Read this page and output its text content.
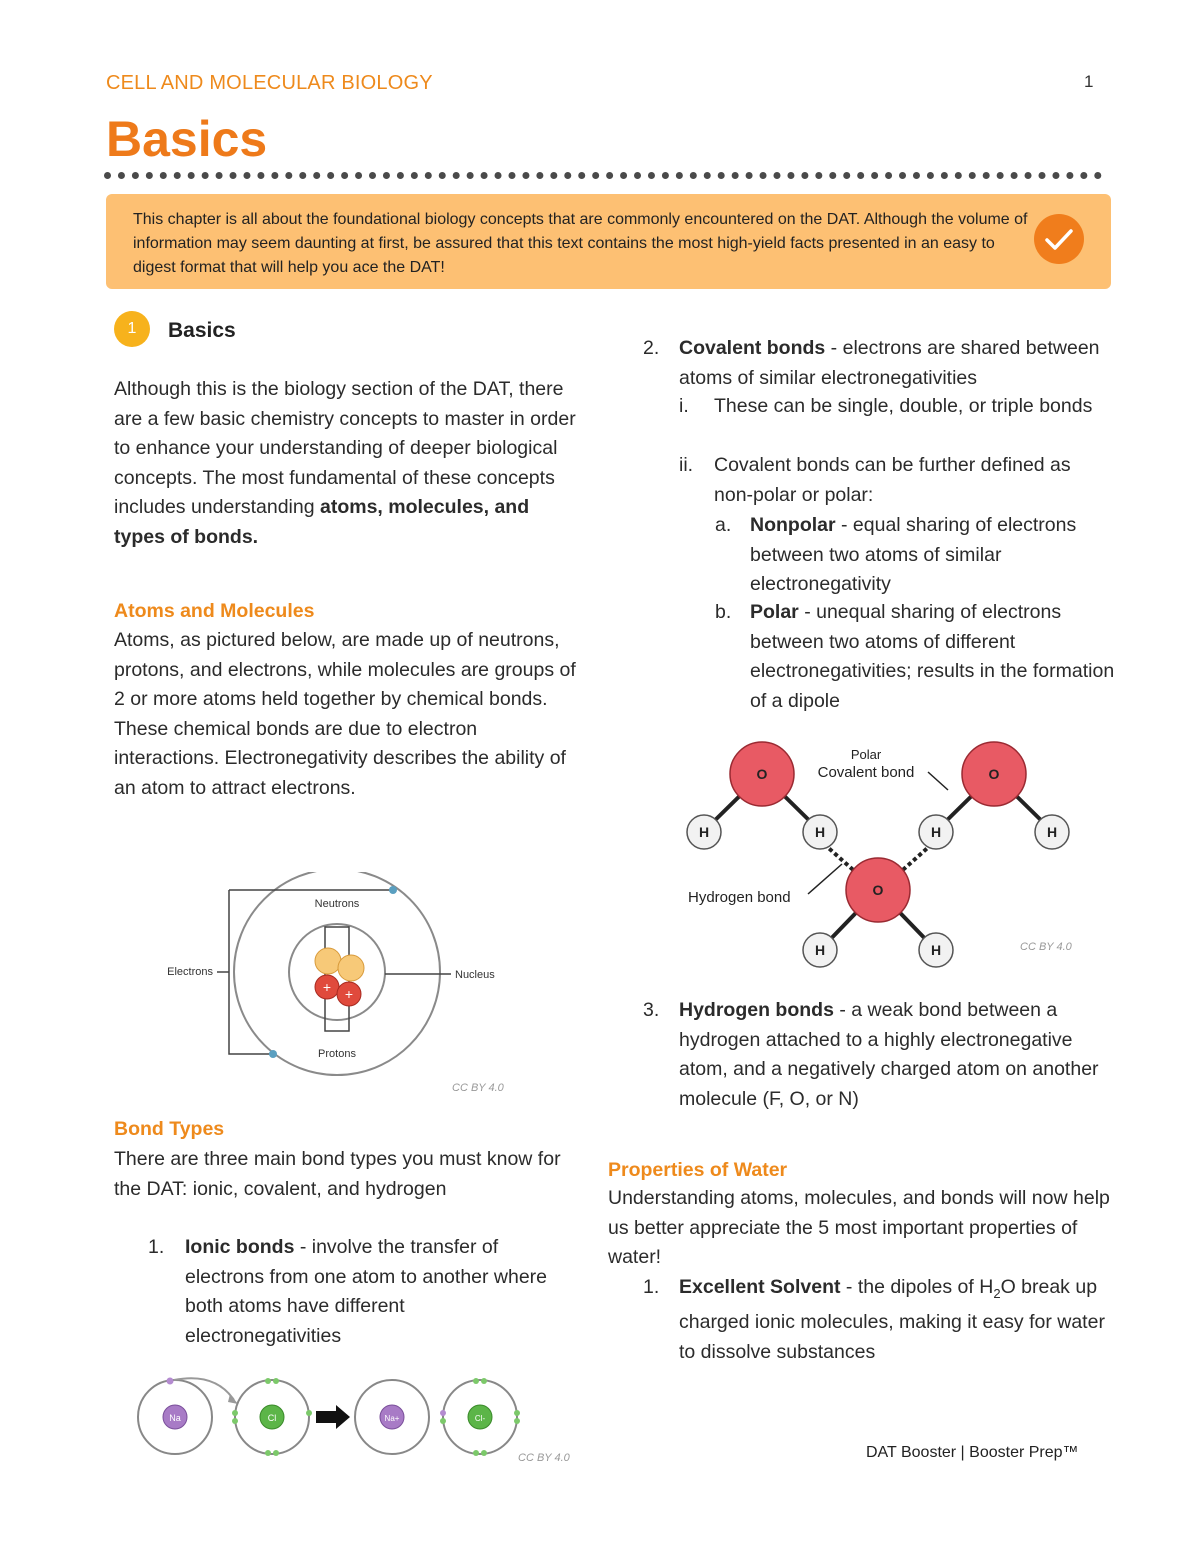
CELL AND MOLECULAR BIOLOGY	1
Basics
This chapter is all about the foundational biology concepts that are commonly encountered on the DAT. Although the volume of information may seem daunting at first, be assured that this text contains the most high-yield facts presented in an easy to digest format that will help you ace the DAT!
1	Basics
Although this is the biology section of the DAT, there are a few basic chemistry concepts to master in order to enhance your understanding of deeper biological concepts. The most fundamental of these concepts includes understanding atoms, molecules, and types of bonds.
Atoms and Molecules
Atoms, as pictured below, are made up of neutrons, protons, and electrons, while molecules are groups of 2 or more atoms held together by chemical bonds. These chemical bonds are due to electron interactions. Electronegativity describes the ability of an atom to attract electrons.
+ +
Neutrons
Protons
Electrons	Nucleus
CC BY 4.0
Bond Types
There are three main bond types you must know for the DAT: ionic, covalent, and hydrogen
1. Ionic bonds - involve the transfer of electrons from one atom to another where both atoms have different electronegativities
Na	Cl	Na+	Cl-
CC BY 4.0
2. Covalent bonds - electrons are shared between atoms of similar electronegativities
i. These can be single, double, or triple bonds
ii. Covalent bonds can be further defined as non-polar or polar:
a. Nonpolar - equal sharing of electrons between two atoms of similar electronegativity
b. Polar - unequal sharing of electrons between two atoms of different electronegativities; results in the formation of a dipole
O	O
O
H	H	H	H
H	H
Polar
Covalent bond
Hydrogen bond
CC BY 4.0
3. Hydrogen bonds - a weak bond between a hydrogen attached to a highly electronegative atom, and a negatively charged atom on another molecule (F, O, or N)
Properties of Water
Understanding atoms, molecules, and bonds will now help us better appreciate the 5 most important properties of water!
1. Excellent Solvent - the dipoles of $H_2O$ break up charged ionic molecules, making it easy for water to dissolve substances
DAT Booster | Booster Prep™
